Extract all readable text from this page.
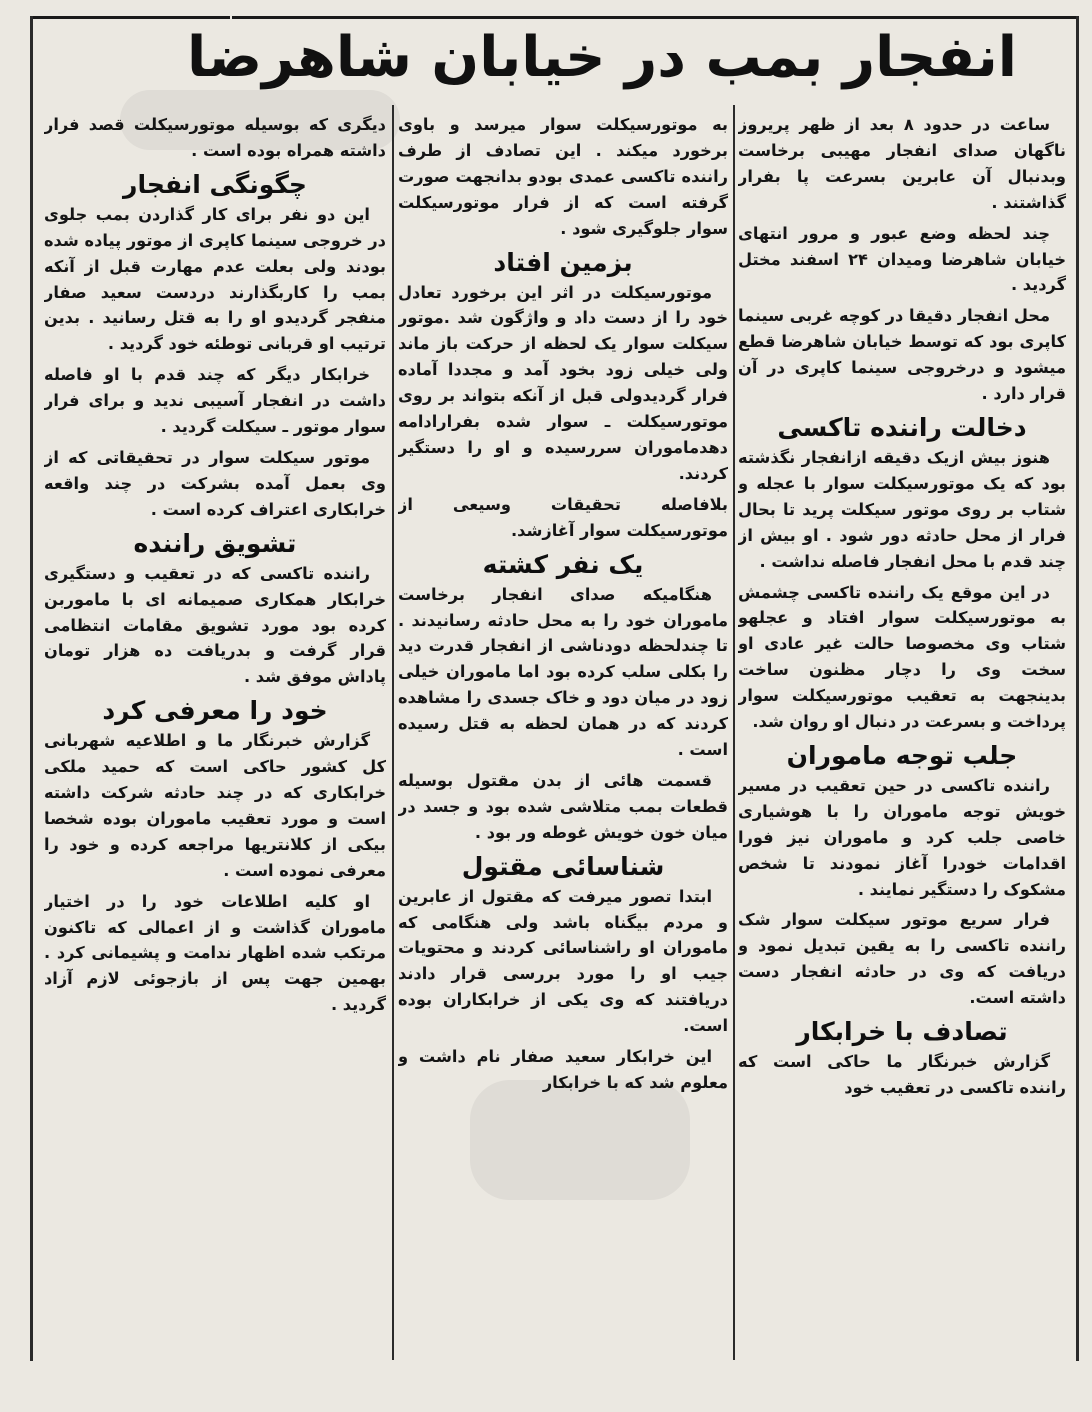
انفجار بمب در خیابان شاهرضا

ساعت در حدود ۸ بعد از ظهر پریروز ناگهان صدای انفجار مهیبی برخاست وبدنبال آن عابرین بسرعت پا بفرار گذاشتند .

چند لحظه وضع عبور و مرور انتهای خیابان شاهرضا ومیدان ۲۴ اسفند مختل گردید .

محل انفجار دقیقا در کوچه غربی سینما کاپری بود که توسط خیابان شاهرضا قطع میشود و درخروجی سینما کاپری در آن قرار دارد .

دخالت راننده تاکسی

هنوز بیش ازیک دقیقه ازانفجار نگذشته بود که یک موتورسیکلت سوار با عجله و شتاب بر روی موتور سیکلت پرید تا بحال فرار از محل حادثه دور شود . او بیش از چند قدم با محل انفجار فاصله نداشت .

در این موقع یک راننده تاکسی چشمش به موتورسیکلت سوار افتاد و عجلهو شتاب وی مخصوصا حالت غیر عادی او سخت وی را دچار مظنون ساخت بدینجهت به تعقیب موتورسیکلت سوار پرداخت و بسرعت در دنبال او روان شد.

جلب توجه ماموران

راننده تاکسی در حین تعقیب در مسیر خویش توجه ماموران را با هوشیاری خاصی جلب کرد و ماموران نیز فورا اقدامات خودرا آغاز نمودند تا شخص مشکوک را دستگیر نمایند .

فرار سریع موتور سیکلت سوار شک راننده تاکسی را به یقین تبدیل نمود و دریافت که وی در حادثه انفجار دست داشته است.

تصادف با خرابکار

گزارش خبرنگار ما حاکی است که راننده تاکسی در تعقیب خود

به موتورسیکلت سوار میرسد و باوی برخورد میکند . این تصادف از طرف راننده تاکسی عمدی بودو بدانجهت صورت گرفته است که از فرار موتورسیکلت سوار جلوگیری شود .

بزمین افتاد

موتورسیکلت در اثر این برخورد تعادل خود را از دست داد و واژگون شد .موتور سیکلت سوار یک لحظه از حرکت باز ماند ولی خیلی زود بخود آمد و مجددا آماده فرار گردیدولی قبل از آنکه بتواند بر روی موتورسیکلت ـ سوار شده بفرارادامه دهدماموران سررسیده و او را دستگیر کردند.

بلافاصله تحقیقات وسیعی از موتورسیکلت سوار آغازشد.

یک نفر کشته

هنگامیکه صدای انفجار برخاست ماموران خود را به محل حادثه رسانیدند . تا چندلحظه دودناشی از انفجار قدرت دید را بکلی سلب کرده بود اما ماموران خیلی زود در میان دود و خاک جسدی را مشاهده کردند که در همان لحظه به قتل رسیده است .

قسمت هائی از بدن مقتول بوسیله قطعات بمب متلاشی شده بود و جسد در میان خون خویش غوطه ور بود .

شناسائی مقتول

ابتدا تصور میرفت که مقتول از عابرین و مردم بیگناه باشد ولی هنگامی که ماموران او راشناسائی کردند و محتویات جیب او را مورد بررسی قرار دادند دریافتند که وی یکی از خرابکاران بوده است.

این خرابکار سعید صفار نام داشت و معلوم شد که با خرابکار

دیگری که بوسیله موتورسیکلت قصد فرار داشته همراه بوده است .

چگونگی انفجار

این دو نفر برای کار گذاردن بمب جلوی در خروجی سینما کاپری از موتور پیاده شده بودند ولی بعلت عدم مهارت قبل از آنکه بمب را کاربگذارند دردست سعید صفار منفجر گردیدو او را به قتل رسانید . بدین ترتیب او قربانی توطئه خود گردید .

خرابکار دیگر که چند قدم با او فاصله داشت در انفجار آسیبی ندید و برای فرار سوار موتور ـ سیکلت گردید .

موتور سیکلت سوار در تحقیقاتی که از وی بعمل آمده بشرکت در چند واقعه خرابکاری اعتراف کرده است .

تشویق راننده

راننده تاکسی که در تعقیب و دستگیری خرابکار همکاری صمیمانه ای با ماموربن کرده بود مورد تشویق مقامات انتظامی قرار گرفت و بدریافت ده هزار تومان پاداش موفق شد .

خود را معرفی کرد

گزارش خبرنگار ما و اطلاعیه شهربانی کل کشور حاکی است که حمید ملکی خرابکاری که در چند حادثه شرکت داشته است و مورد تعقیب ماموران بوده شخصا بیکی از کلانتریها مراجعه کرده و خود را معرفی نموده است .

او کلیه اطلاعات خود را در اختیار ماموران گذاشت و از اعمالی که تاکنون مرتکب شده اظهار ندامت و پشیمانی کرد . بهمین جهت پس از بازجوئی لازم آزاد گردید .
